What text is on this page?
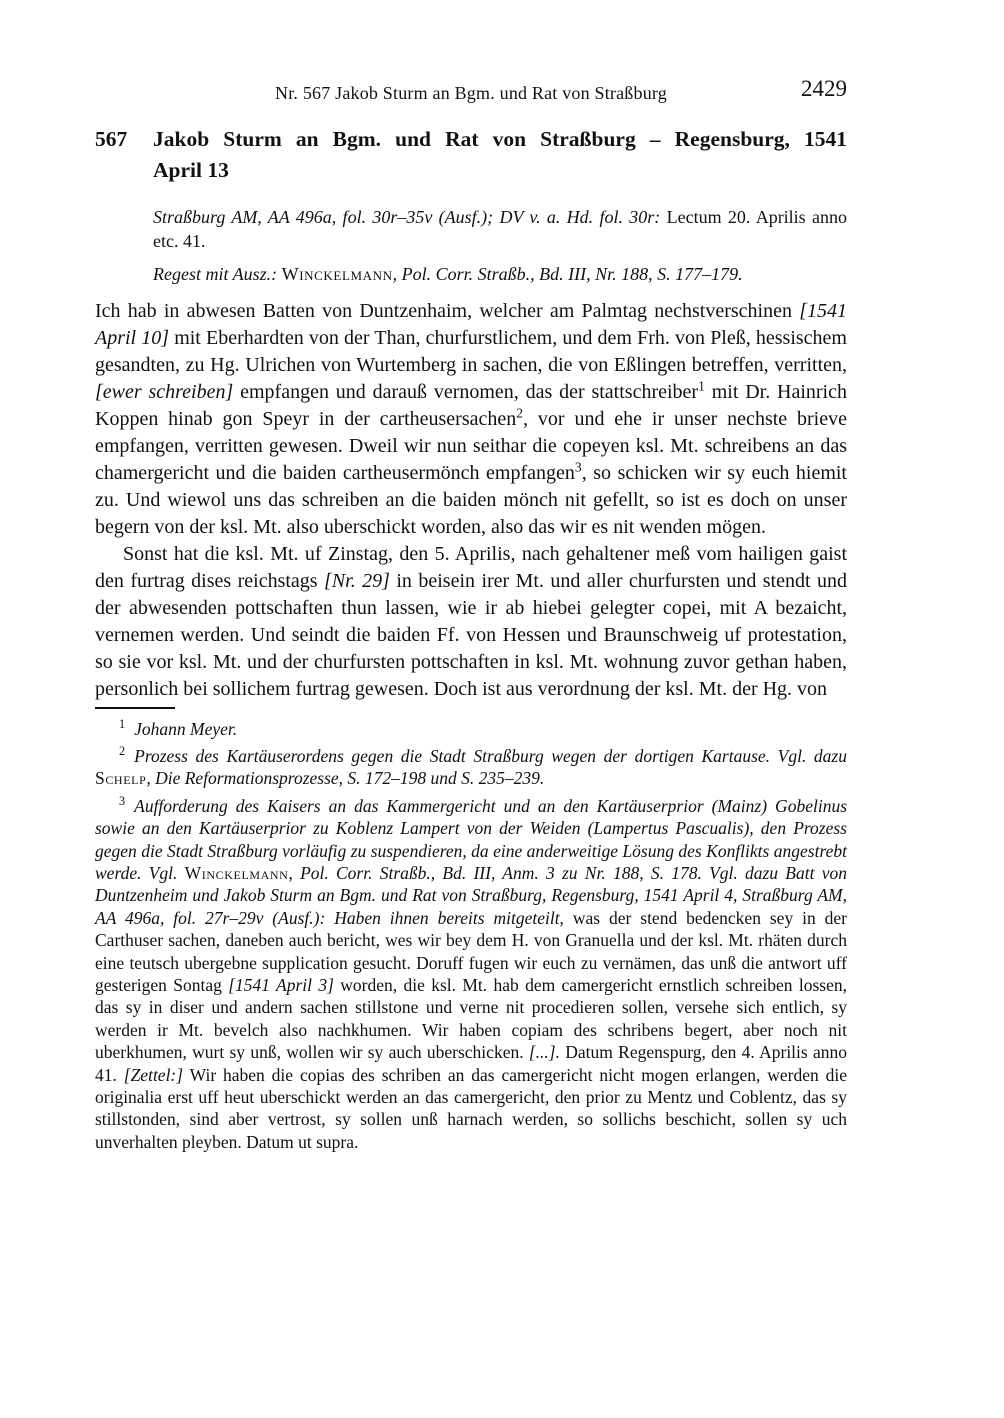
Nr. 567 Jakob Sturm an Bgm. und Rat von Straßburg	2429
567	Jakob Sturm an Bgm. und Rat von Straßburg – Regensburg, 1541
April 13

Straßburg AM, AA 496a, fol. 30r–35v (Ausf.); DV v. a. Hd. fol. 30r: Lectum 20. Aprilis anno etc. 41.

Regest mit Ausz.: Winckelmann, Pol. Corr. Straßb., Bd. III, Nr. 188, S. 177–179.

Ich hab in abwesen Batten von Duntzenhaim, welcher am Palmtag nechstverschinen [1541 April 10] mit Eberhardten von der Than, churfurstlichem, und dem Frh. von Pleß, hessischem gesandten, zu Hg. Ulrichen von Wurtemberg in sachen, die von Eßlingen betreffen, verritten, [ewer schreiben] empfangen und darauß vernomen, das der stattschreiber$^1$ mit Dr. Hainrich Koppen hinab gon Speyr in der cartheusersachen$^2$, vor und ehe ir unser nechste brieve empfangen, verritten gewesen. Dweil wir nun seithar die copeyen ksl. Mt. schreibens an das chamergericht und die baiden cartheusermönch empfangen$^3$, so schicken wir sy euch hiemit zu. Und wiewol uns das schreiben an die baiden mönch nit gefellt, so ist es doch on unser begern von der ksl. Mt. also uberschickt worden, also das wir es nit wenden mögen.

Sonst hat die ksl. Mt. uf Zinstag, den 5. Aprilis, nach gehaltener meß vom hailigen gaist den furtrag dises reichstags [Nr. 29] in beisein irer Mt. und aller churfursten und stendt und der abwesenden pottschaften thun lassen, wie ir ab hiebei gelegter copei, mit A bezaicht, vernemen werden. Und seindt die baiden Ff. von Hessen und Braunschweig uf protestation, so sie vor ksl. Mt. und der churfursten pottschaften in ksl. Mt. wohnung zuvor gethan haben, personlich bei sollichem furtrag gewesen. Doch ist aus verordnung der ksl. Mt. der Hg. von

$^1$ Johann Meyer.

$^2$ Prozess des Kartäuserordens gegen die Stadt Straßburg wegen der dortigen Kartause. Vgl. dazu Schelp, Die Reformationsprozesse, S. 172–198 und S. 235–239.

$^3$ Aufforderung des Kaisers an das Kammergericht und an den Kartäuserprior (Mainz) Gobelinus sowie an den Kartäuserprior zu Koblenz Lampert von der Weiden (Lampertus Pascualis), den Prozess gegen die Stadt Straßburg vorläufig zu suspendieren, da eine anderweitige Lösung des Konflikts angestrebt werde. Vgl. Winckelmann, Pol. Corr. Straßb., Bd. III, Anm. 3 zu Nr. 188, S. 178. Vgl. dazu Batt von Duntzenheim und Jakob Sturm an Bgm. und Rat von Straßburg, Regensburg, 1541 April 4, Straßburg AM, AA 496a, fol. 27r–29v (Ausf.): Haben ihnen bereits mitgeteilt, was der stend bedencken sey in der Carthuser sachen, daneben auch bericht, wes wir bey dem H. von Granuella und der ksl. Mt. rhäten durch eine teutsch ubergebne supplication gesucht. Doruff fugen wir euch zu vernämen, das unß die antwort uff gesterigen Sontag [1541 April 3] worden, die ksl. Mt. hab dem camergericht ernstlich schreiben lossen, das sy in diser und andern sachen stillstone und verne nit procedieren sollen, versehe sich entlich, sy werden ir Mt. bevelch also nachkhumen. Wir haben copiam des schribens begert, aber noch nit uberkhumen, wurt sy unß, wollen wir sy auch uberschicken. [...]. Datum Regenspurg, den 4. Aprilis anno 41. [Zettel:] Wir haben die copias des schriben an das camergericht nicht mogen erlangen, werden die originalia erst uff heut uberschickt werden an das camergericht, den prior zu Mentz und Coblentz, das sy stillstonden, sind aber vertrost, sy sollen unß harnach werden, so sollichs beschicht, sollen sy uch unverhalten pleyben. Datum ut supra.
